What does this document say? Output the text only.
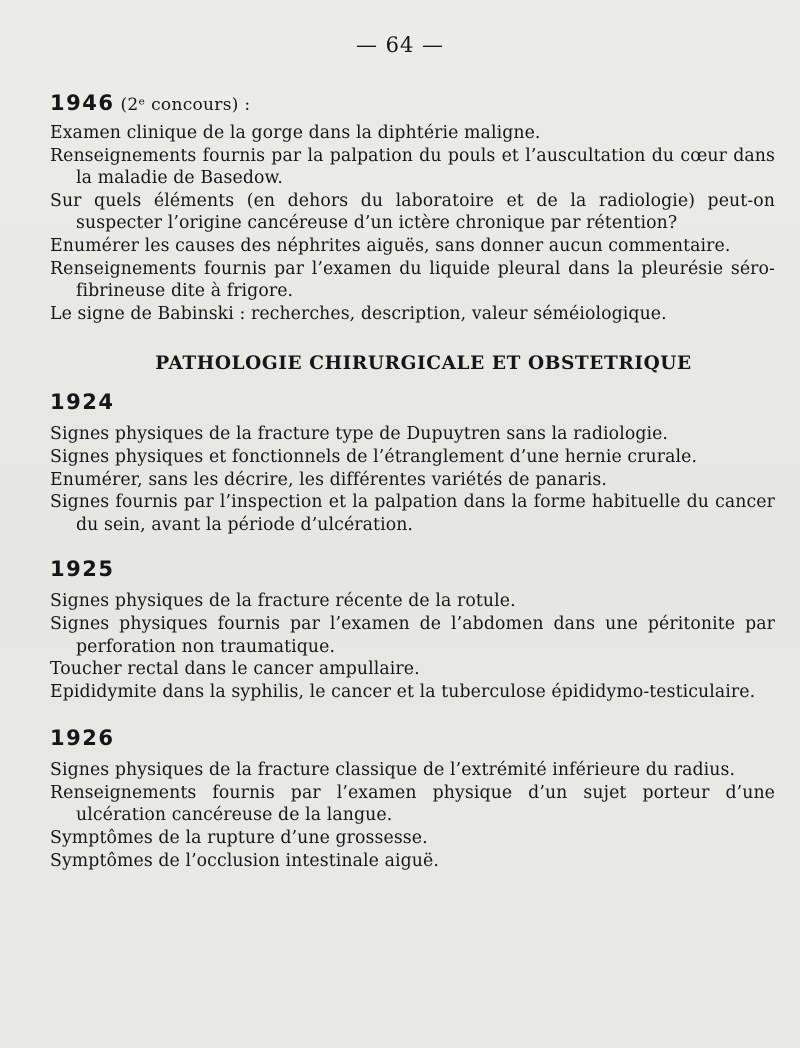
— 64 —
1946 (2ᵉ concours) :
Examen clinique de la gorge dans la diphtérie maligne.
Renseignements fournis par la palpation du pouls et l’auscultation du cœur dans la maladie de Basedow.
Sur quels éléments (en dehors du laboratoire et de la radiologie) peut-on suspecter l’origine cancéreuse d’un ictère chronique par rétention?
Enumérer les causes des néphrites aiguës, sans donner aucun commentaire.
Renseignements fournis par l’examen du liquide pleural dans la pleurésie séro-fibrineuse dite à frigore.
Le signe de Babinski : recherches, description, valeur séméiologique.
PATHOLOGIE CHIRURGICALE ET OBSTETRIQUE
1924
Signes physiques de la fracture type de Dupuytren sans la radiologie.
Signes physiques et fonctionnels de l’étranglement d’une hernie crurale.
Enumérer, sans les décrire, les différentes variétés de panaris.
Signes fournis par l’inspection et la palpation dans la forme habituelle du cancer du sein, avant la période d’ulcération.
1925
Signes physiques de la fracture récente de la rotule.
Signes physiques fournis par l’examen de l’abdomen dans une péritonite par perforation non traumatique.
Toucher rectal dans le cancer ampullaire.
Epididymite dans la syphilis, le cancer et la tuberculose épididymo-testiculaire.
1926
Signes physiques de la fracture classique de l’extrémité inférieure du radius.
Renseignements fournis par l’examen physique d’un sujet porteur d’une ulcération cancéreuse de la langue.
Symptômes de la rupture d’une grossesse.
Symptômes de l’occlusion intestinale aiguë.
